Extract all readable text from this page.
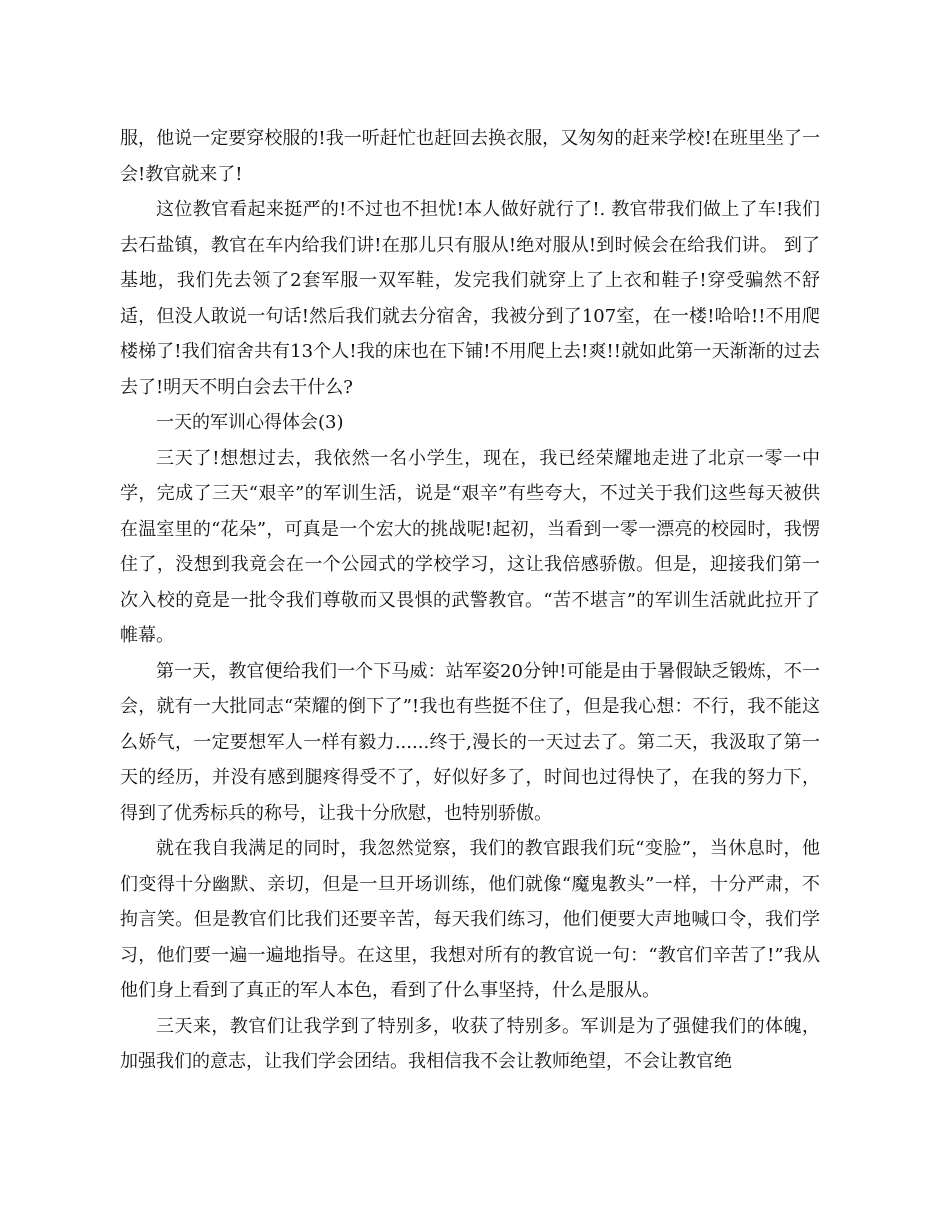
服，他说一定要穿校服的!我一听赶忙也赶回去换衣服，又匆匆的赶来学校!在班里坐了一会!教官就来了!

这位教官看起来挺严的!不过也不担忧!本人做好就行了!. 教官带我们做上了车!我们去石盐镇，教官在车内给我们讲!在那儿只有服从!绝对服从!到时候会在给我们讲。 到了基地，我们先去领了2套军服一双军鞋，发完我们就穿上了上衣和鞋子!穿受骗然不舒适，但没人敢说一句话!然后我们就去分宿舍，我被分到了107室，在一楼!哈哈!!不用爬楼梯了!我们宿舍共有13个人!我的床也在下铺!不用爬上去!爽!!就如此第一天渐渐的过去去了!明天不明白会去干什么?

一天的军训心得体会(3)

三天了!想想过去，我依然一名小学生，现在，我已经荣耀地走进了北京一零一中学，完成了三天“艰辛”的军训生活，说是“艰辛”有些夸大，不过关于我们这些每天被供在温室里的“花朵”，可真是一个宏大的挑战呢!起初，当看到一零一漂亮的校园时，我愣住了，没想到我竟会在一个公园式的学校学习，这让我倍感骄傲。但是，迎接我们第一次入校的竟是一批令我们尊敬而又畏惧的武警教官。“苦不堪言”的军训生活就此拉开了帷幕。

第一天，教官便给我们一个下马威：站军姿20分钟!可能是由于暑假缺乏锻炼，不一会，就有一大批同志“荣耀的倒下了”!我也有些挺不住了，但是我心想：不行，我不能这么娇气，一定要想军人一样有毅力......终于,漫长的一天过去了。第二天，我汲取了第一天的经历，并没有感到腿疼得受不了，好似好多了，时间也过得快了，在我的努力下，得到了优秀标兵的称号，让我十分欣慰，也特别骄傲。

就在我自我满足的同时，我忽然觉察，我们的教官跟我们玩“变脸”，当休息时，他们变得十分幽默、亲切，但是一旦开场训练，他们就像“魔鬼教头”一样，十分严肃，不拘言笑。但是教官们比我们还要辛苦，每天我们练习，他们便要大声地喊口令，我们学习，他们要一遍一遍地指导。在这里，我想对所有的教官说一句：“教官们辛苦了!”我从他们身上看到了真正的军人本色，看到了什么事坚持，什么是服从。

三天来，教官们让我学到了特别多，收获了特别多。军训是为了强健我们的体魄，加强我们的意志，让我们学会团结。我相信我不会让教师绝望，不会让教官绝
